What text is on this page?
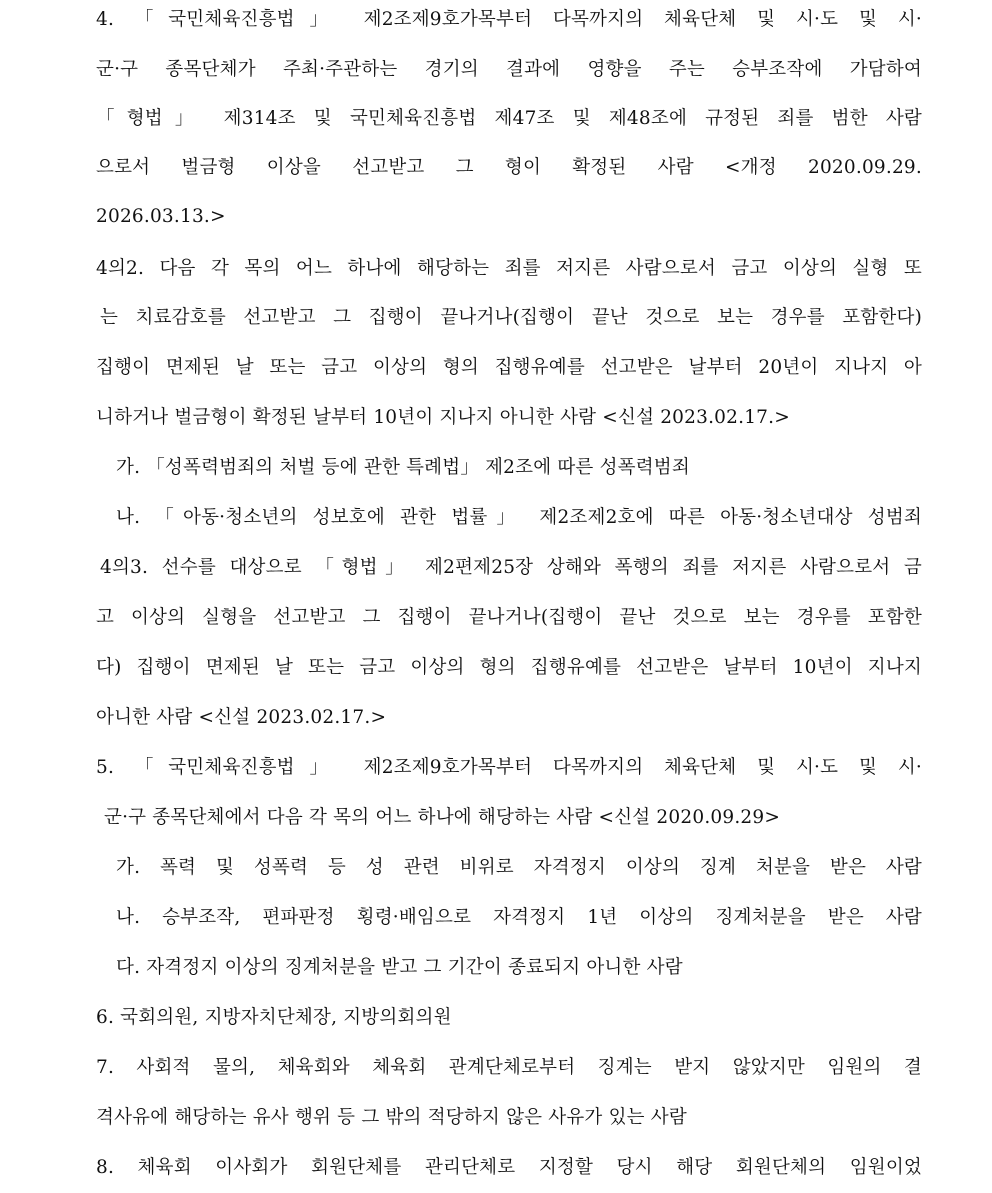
4. 「국민체육진흥법」 제2조제9호가목부터 다목까지의 체육단체 및 시·도 및 시·
군·구 종목단체가 주최·주관하는 경기의 결과에 영향을 주는 승부조작에 가담하여
「형법」 제314조 및 국민체육진흥법 제47조 및 제48조에 규정된 죄를 범한 사람
으로서 벌금형 이상을 선고받고 그 형이 확정된 사람 <개정 2020.09.29.
2026.03.13.>
4의2. 다음 각 목의 어느 하나에 해당하는 죄를 저지른 사람으로서 금고 이상의 실형 또
는 치료감호를 선고받고 그 집행이 끝나거나(집행이 끝난 것으로 보는 경우를 포함한다)
집행이 면제된 날 또는 금고 이상의 형의 집행유예를 선고받은 날부터 20년이 지나지 아
니하거나 벌금형이 확정된 날부터 10년이 지나지 아니한 사람 <신설 2023.02.17.>
가. 「성폭력범죄의 처벌 등에 관한 특례법」 제2조에 따른 성폭력범죄
나. 「아동·청소년의 성보호에 관한 법률」 제2조제2호에 따른 아동·청소년대상 성범죄
4의3. 선수를 대상으로 「형법」 제2편제25장 상해와 폭행의 죄를 저지른 사람으로서 금
고 이상의 실형을 선고받고 그 집행이 끝나거나(집행이 끝난 것으로 보는 경우를 포함한
다) 집행이 면제된 날 또는 금고 이상의 형의 집행유예를 선고받은 날부터 10년이 지나지
아니한 사람 <신설 2023.02.17.>
5. 「국민체육진흥법」 제2조제9호가목부터 다목까지의 체육단체 및 시·도 및 시·
군·구 종목단체에서 다음 각 목의 어느 하나에 해당하는 사람 <신설 2020.09.29>
가. 폭력 및 성폭력 등 성 관련 비위로 자격정지 이상의 징계 처분을 받은 사람
나. 승부조작, 편파판정 횡령·배임으로 자격정지 1년 이상의 징계처분을 받은 사람
다. 자격정지 이상의 징계처분을 받고 그 기간이 종료되지 아니한 사람
6. 국회의원, 지방자치단체장, 지방의회의원
7. 사회적 물의, 체육회와 체육회 관계단체로부터 징계는 받지 않았지만 임원의 결
격사유에 해당하는 유사 행위 등 그 밖의 적당하지 않은 사유가 있는 사람
8. 체육회 이사회가 회원단체를 관리단체로 지정할 당시 해당 회원단체의 임원이었
